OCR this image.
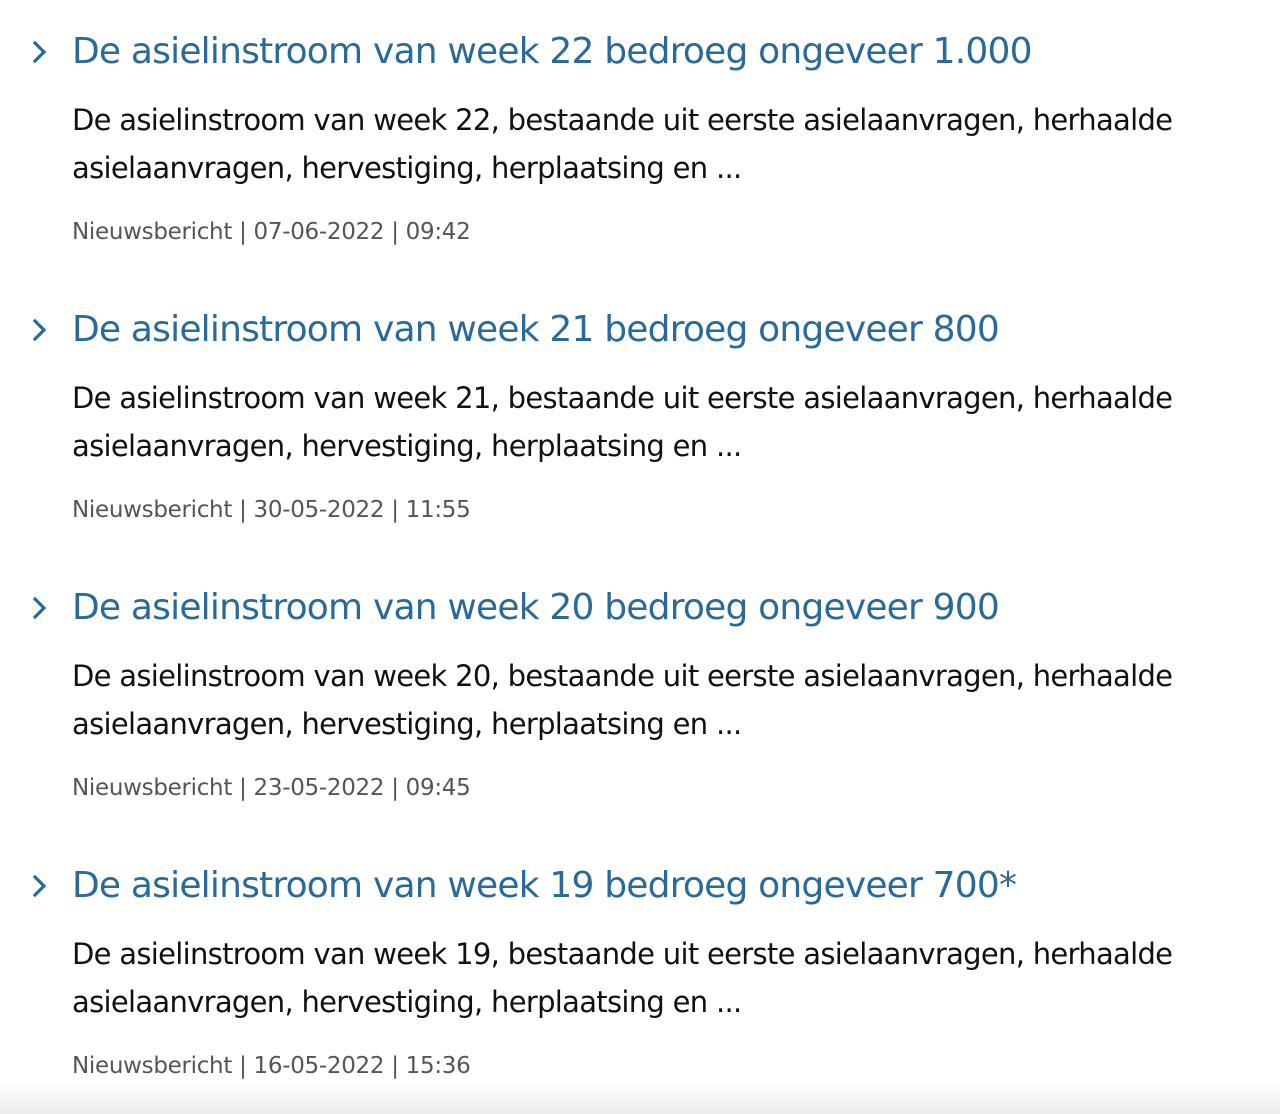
De asielinstroom van week 22 bedroeg ongeveer 1.000

De asielinstroom van week 22, bestaande uit eerste asielaanvragen, herhaalde asielaanvragen, hervestiging, herplaatsing en ...

Nieuwsbericht | 07-06-2022 | 09:42

De asielinstroom van week 21 bedroeg ongeveer 800

De asielinstroom van week 21, bestaande uit eerste asielaanvragen, herhaalde asielaanvragen, hervestiging, herplaatsing en ...

Nieuwsbericht | 30-05-2022 | 11:55

De asielinstroom van week 20 bedroeg ongeveer 900

De asielinstroom van week 20, bestaande uit eerste asielaanvragen, herhaalde asielaanvragen, hervestiging, herplaatsing en ...

Nieuwsbericht | 23-05-2022 | 09:45

De asielinstroom van week 19 bedroeg ongeveer 700*

De asielinstroom van week 19, bestaande uit eerste asielaanvragen, herhaalde asielaanvragen, hervestiging, herplaatsing en ...

Nieuwsbericht | 16-05-2022 | 15:36
